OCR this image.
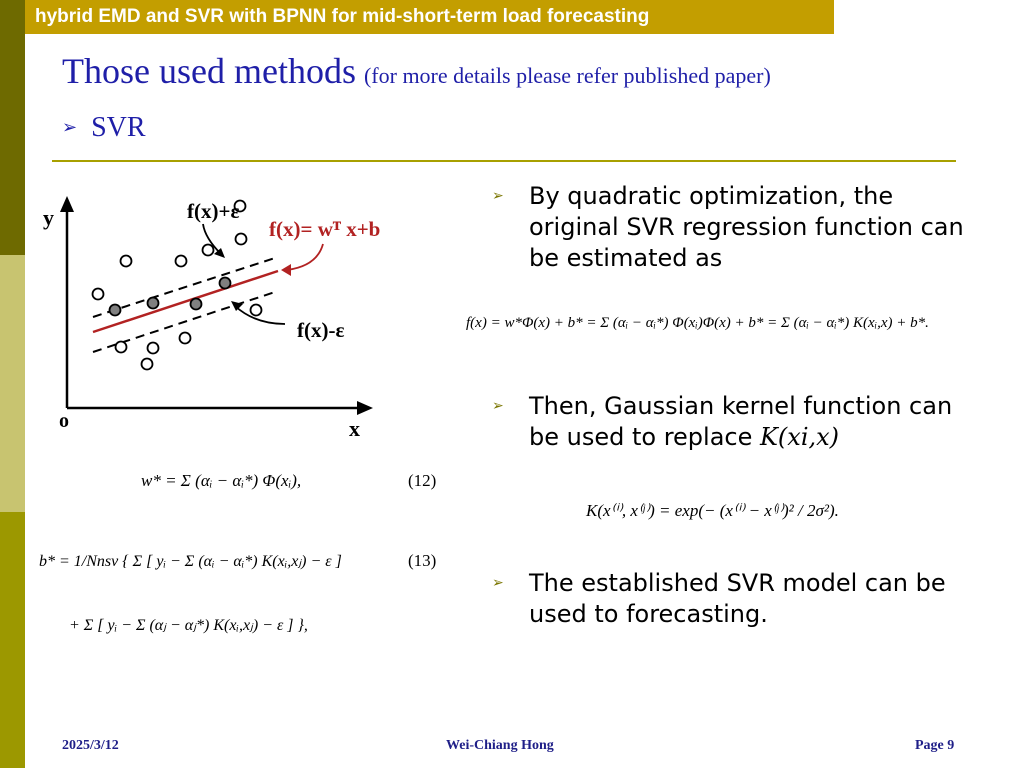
hybrid EMD and SVR with BPNN for mid-short-term load forecasting
Those used methods (for more details please refer published paper)
➢ SVR
y
x
o
f(x)+ε
f(x)= wᵀ x+b
f(x)-ε
w* = Σ (αᵢ − αᵢ*) Φ(xᵢ),	(12)
b* = 1/Nnsv { Σ [ yᵢ − Σ (αᵢ − αᵢ*) K(xᵢ,xⱼ) − ε ]	(13)
+ Σ [ yᵢ − Σ (αⱼ − αⱼ*) K(xᵢ,xⱼ) − ε ] },
➢ By quadratic optimization, the original SVR regression function can be estimated as
f(x) = w*Φ(x) + b* = Σ (αᵢ − αᵢ*) Φ(xᵢ)Φ(x) + b* = Σ (αᵢ − αᵢ*) K(xᵢ,x) + b*.
➢ Then, Gaussian kernel function can be used to replace K(xi,x)
K(x⁽ⁱ⁾, x⁽ʲ⁾) = exp(− (x⁽ⁱ⁾ − x⁽ʲ⁾)² / 2σ²).
➢ The established SVR model can be used to forecasting.
2025/3/12	Wei-Chiang Hong	Page 9
